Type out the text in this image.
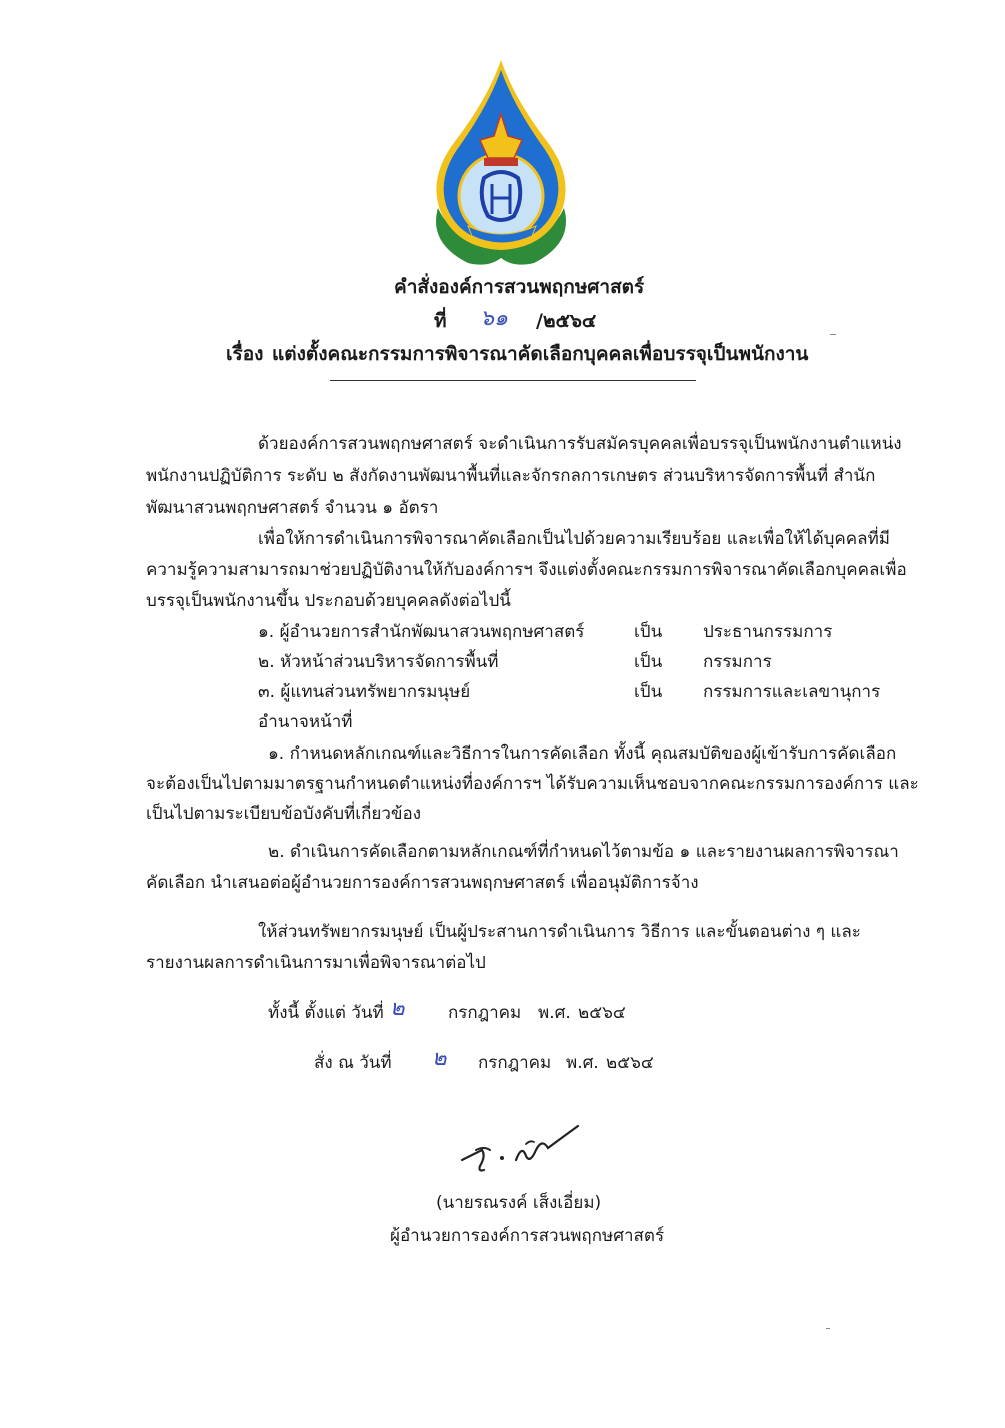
คำสั่งองค์การสวนพฤกษศาสตร์
ที่ ๖๑ /๒๕๖๔
เรื่อง แต่งตั้งคณะกรรมการพิจารณาคัดเลือกบุคคลเพื่อบรรจุเป็นพนักงาน
ด้วยองค์การสวนพฤกษศาสตร์ จะดำเนินการรับสมัครบุคคลเพื่อบรรจุเป็นพนักงานตำแหน่ง
พนักงานปฏิบัติการ ระดับ ๒ สังกัดงานพัฒนาพื้นที่และจักรกลการเกษตร ส่วนบริหารจัดการพื้นที่ สำนัก
พัฒนาสวนพฤกษศาสตร์ จำนวน ๑ อัตรา
เพื่อให้การดำเนินการพิจารณาคัดเลือกเป็นไปด้วยความเรียบร้อย และเพื่อให้ได้บุคคลที่มี
ความรู้ความสามารถมาช่วยปฏิบัติงานให้กับองค์การฯ จึงแต่งตั้งคณะกรรมการพิจารณาคัดเลือกบุคคลเพื่อ
บรรจุเป็นพนักงานขึ้น ประกอบด้วยบุคคลดังต่อไปนี้
๑. ผู้อำนวยการสำนักพัฒนาสวนพฤกษศาสตร์	เป็น ประธานกรรมการ
๒. หัวหน้าส่วนบริหารจัดการพื้นที่	เป็น กรรมการ
๓. ผู้แทนส่วนทรัพยากรมนุษย์	เป็น กรรมการและเลขานุการ
อำนาจหน้าที่
๑. กำหนดหลักเกณฑ์และวิธีการในการคัดเลือก ทั้งนี้ คุณสมบัติของผู้เข้ารับการคัดเลือก
จะต้องเป็นไปตามมาตรฐานกำหนดตำแหน่งที่องค์การฯ ได้รับความเห็นชอบจากคณะกรรมการองค์การ และ
เป็นไปตามระเบียบข้อบังคับที่เกี่ยวข้อง
๒. ดำเนินการคัดเลือกตามหลักเกณฑ์ที่กำหนดไว้ตามข้อ ๑ และรายงานผลการพิจารณา
คัดเลือก นำเสนอต่อผู้อำนวยการองค์การสวนพฤกษศาสตร์ เพื่ออนุมัติการจ้าง
ให้ส่วนทรัพยากรมนุษย์ เป็นผู้ประสานการดำเนินการ วิธีการ และขั้นตอนต่าง ๆ และ
รายงานผลการดำเนินการมาเพื่อพิจารณาต่อไป
ทั้งนี้ ตั้งแต่ วันที่ ๒	กรกฎาคม พ.ศ. ๒๕๖๔
สั่ง ณ วันที่ ๒ กรกฎาคม พ.ศ. ๒๕๖๔
(นายรณรงค์ เส็งเอี่ยม)
ผู้อำนวยการองค์การสวนพฤกษศาสตร์
